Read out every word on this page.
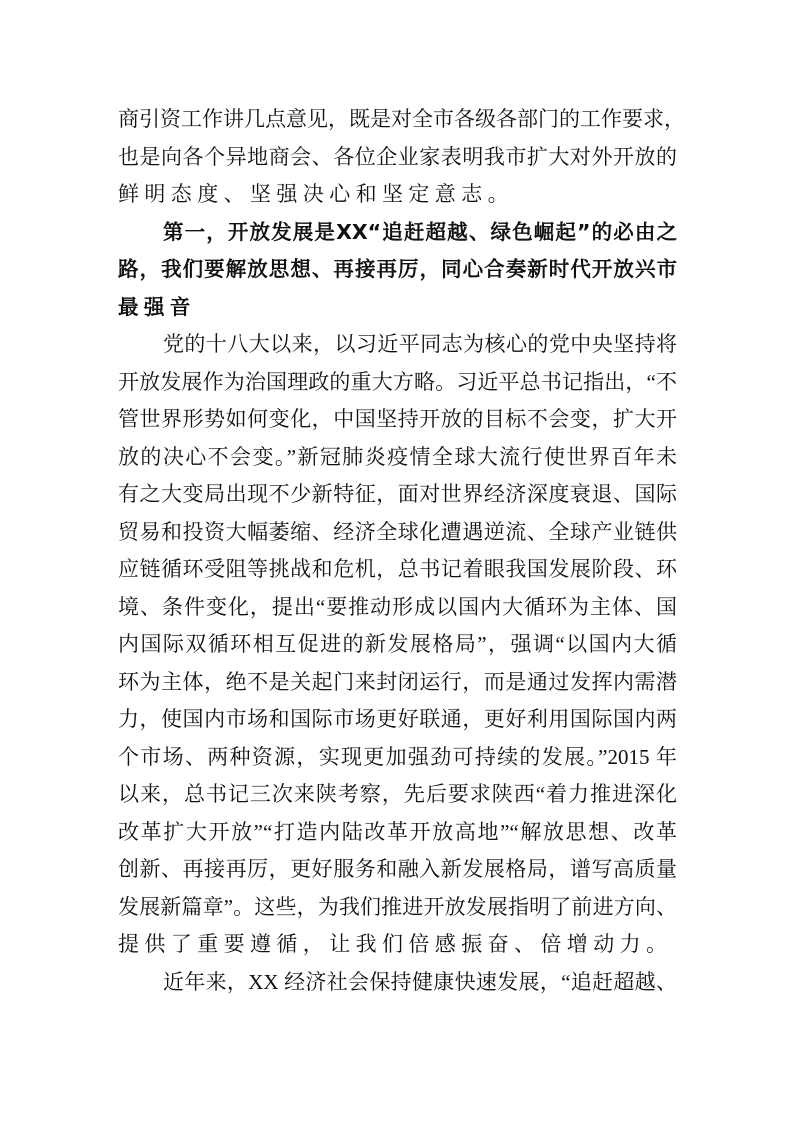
商引资工作讲几点意见，既是对全市各级各部门的工作要求，
也是向各个异地商会、各位企业家表明我市扩大对外开放的
鲜明态度、坚强决心和坚定意志。
第一，开放发展是XX“追赶超越、绿色崛起”的必由之
路，我们要解放思想、再接再厉，同心合奏新时代开放兴市
最强音
党的十八大以来，以习近平同志为核心的党中央坚持将
开放发展作为治国理政的重大方略。习近平总书记指出，“不
管世界形势如何变化，中国坚持开放的目标不会变，扩大开
放的决心不会变。”新冠肺炎疫情全球大流行使世界百年未
有之大变局出现不少新特征，面对世界经济深度衰退、国际
贸易和投资大幅萎缩、经济全球化遭遇逆流、全球产业链供
应链循环受阻等挑战和危机，总书记着眼我国发展阶段、环
境、条件变化，提出“要推动形成以国内大循环为主体、国
内国际双循环相互促进的新发展格局”，强调“以国内大循
环为主体，绝不是关起门来封闭运行，而是通过发挥内需潜
力，使国内市场和国际市场更好联通，更好利用国际国内两
个市场、两种资源，实现更加强劲可持续的发展。”2015 年
以来，总书记三次来陕考察，先后要求陕西“着力推进深化
改革扩大开放”“打造内陆改革开放高地”“解放思想、改革
创新、再接再厉，更好服务和融入新发展格局，谱写高质量
发展新篇章”。这些，为我们推进开放发展指明了前进方向、
提供了重要遵循，让我们倍感振奋、倍增动力。
近年来，XX 经济社会保持健康快速发展，“追赶超越、
